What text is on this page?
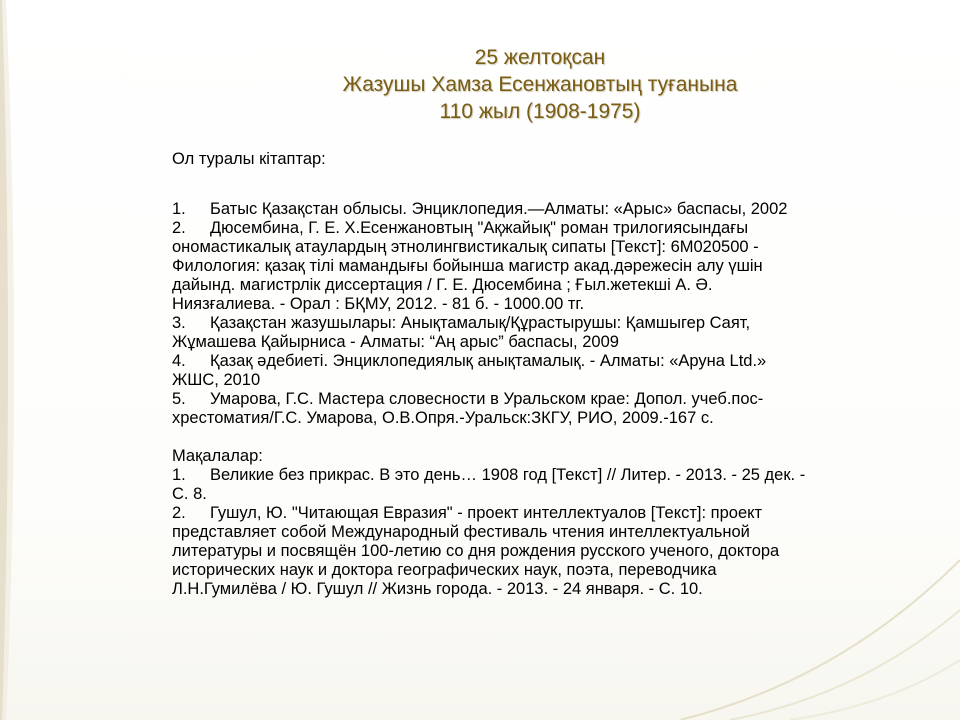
25 желтоқсан
Жазушы Хамза Есенжановтың туғанына
110 жыл (1908-1975)
Ол туралы кітаптар:
1. Батыс Қазақстан облысы. Энциклопедия.—Алматы: «Арыс» баспасы, 2002
2. Дюсембина, Г. Е. Х.Есенжановтың "Ақжайық" роман трилогиясындағы
ономастикалық атаулардың этнолингвистикалық сипаты [Текст]: 6М020500 -
Филология: қазақ тілі мамандығы бойынша магистр акад.дәрежесін алу үшін
дайынд. магистрлік диссертация / Г. Е. Дюсембина ; Ғыл.жетекші А. Ә.
Ниязғалиева. - Орал : БҚМУ, 2012. - 81 б. - 1000.00 тг.
3. Қазақстан жазушылары: Анықтамалық/Құрастырушы: Қамшыгер Саят,
Жұмашева Қайырниса - Алматы: “Аң арыс” баспасы, 2009
4. Қазақ әдебиеті. Энциклопедиялық анықтамалық. - Алматы: «Аруна Ltd.»
ЖШС, 2010
5. Умарова, Г.С. Мастера словесности в Уральском крае: Допол. учеб.пос-
хрестоматия/Г.С. Умарова, О.В.Опря.-Уральск:ЗКГУ, РИО, 2009.-167 с.
Мақалалар:
1. Великие без прикрас. В это день… 1908 год [Текст] // Литер. - 2013. - 25 дек. -
С. 8.
2. Гушул, Ю. "Читающая Евразия" - проект интеллектуалов [Текст]: проект
представляет собой Международный фестиваль чтения интеллектуальной
литературы и посвящён 100-летию со дня рождения русского ученого, доктора
исторических наук и доктора географических наук, поэта, переводчика
Л.Н.Гумилёва / Ю. Гушул // Жизнь города. - 2013. - 24 января. - С. 10.
